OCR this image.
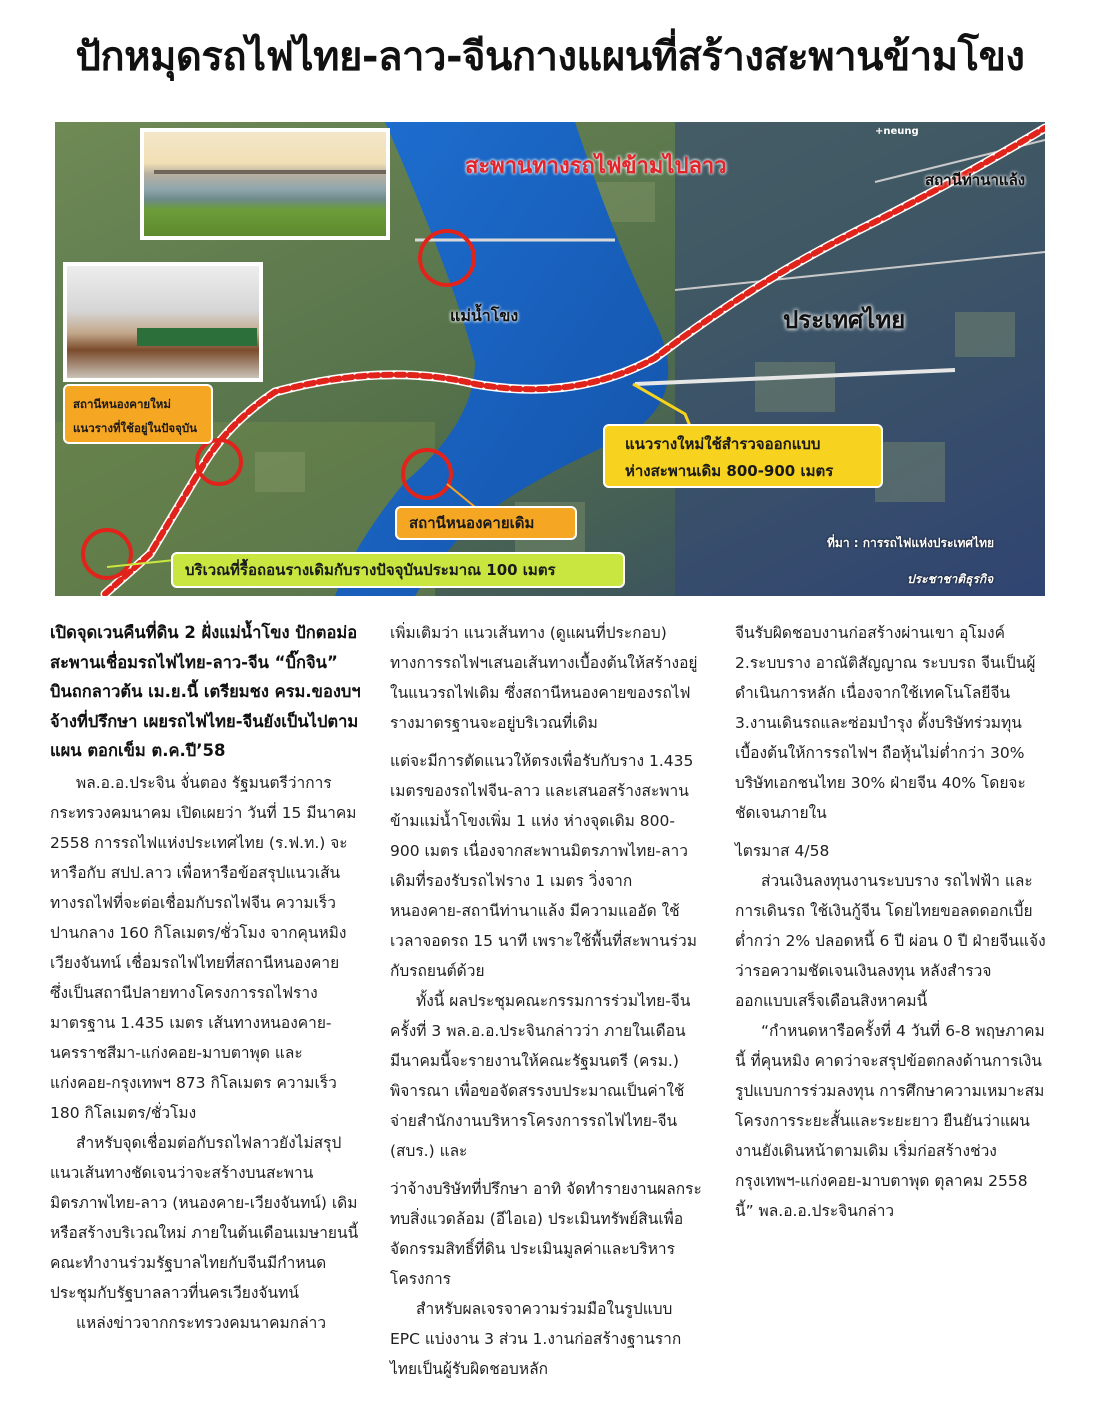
ปักหมุดรถไฟไทย-ลาว-จีนกางแผนที่สร้างสะพานข้ามโขง
สะพานทางรถไฟข้ามไปลาว
สถานีท่านาแล้ง
+neung
แม่น้ำโขง	ประเทศไทย
สถานีหนองคายใหม่
แนวรางที่ใช้อยู่ในปัจจุบัน
แนวรางใหม่ใช้สำรวจออกแบบ
ห่างสะพานเดิม 800-900 เมตร
สถานีหนองคายเดิม
บริเวณที่รื้อถอนรางเดิมกับรางปัจจุบันประมาณ 100 เมตร
ที่มา : การรถไฟแห่งประเทศไทย
ประชาชาติธุรกิจ

เปิดจุดเวนคืนที่ดิน 2 ฝั่งแม่น้ำโขง ปักตอม่อสะพานเชื่อมรถไฟไทย-ลาว-จีน “บิ๊กจิน” บินถกลาวต้น เม.ย.นี้ เตรียมชง ครม.ของบฯจ้างที่ปรึกษา เผยรถไฟไทย-จีนยังเป็นไปตามแผน ตอกเข็ม ต.ค.ปี’58

พล.อ.อ.ประจิน จั่นตอง รัฐมนตรีว่าการกระทรวงคมนาคม เปิดเผยว่า วันที่ 15 มีนาคม 2558 การรถไฟแห่งประเทศไทย (ร.ฟ.ท.) จะหารือกับ สปป.ลาว เพื่อหารือข้อสรุปแนวเส้นทางรถไฟที่จะต่อเชื่อมกับรถไฟจีน ความเร็วปานกลาง 160 กิโลเมตร/ชั่วโมง จากคุนหมิง เวียงจันทน์ เชื่อมรถไฟไทยที่สถานีหนองคาย ซึ่งเป็นสถานีปลายทางโครงการรถไฟรางมาตรฐาน 1.435 เมตร เส้นทางหนองคาย-นครราชสีมา-แก่งคอย-มาบตาพุด และแก่งคอย-กรุงเทพฯ 873 กิโลเมตร ความเร็ว 180 กิโลเมตร/ชั่วโมง

สำหรับจุดเชื่อมต่อกับรถไฟลาวยังไม่สรุปแนวเส้นทางชัดเจนว่าจะสร้างบนสะพานมิตรภาพไทย-ลาว (หนองคาย-เวียงจันทน์) เดิม หรือสร้างบริเวณใหม่ ภายในต้นเดือนเมษายนนี้ คณะทำงานร่วมรัฐบาลไทยกับจีนมีกำหนดประชุมกับรัฐบาลลาวที่นครเวียงจันทน์

แหล่งข่าวจากกระทรวงคมนาคมกล่าว

เพิ่มเติมว่า แนวเส้นทาง (ดูแผนที่ประกอบ) ทางการรถไฟฯเสนอเส้นทางเบื้องต้นให้สร้างอยู่ในแนวรถไฟเดิม ซึ่งสถานีหนองคายของรถไฟรางมาตรฐานจะอยู่บริเวณที่เดิม

แต่จะมีการตัดแนวให้ตรงเพื่อรับกับราง 1.435 เมตรของรถไฟจีน-ลาว และเสนอสร้างสะพานข้ามแม่น้ำโขงเพิ่ม 1 แห่ง ห่างจุดเดิม 800-900 เมตร เนื่องจากสะพานมิตรภาพไทย-ลาวเดิมที่รองรับรถไฟราง 1 เมตร วิ่งจากหนองคาย-สถานีท่านาแล้ง มีความแออัด ใช้เวลาจอดรถ 15 นาที เพราะใช้พื้นที่สะพานร่วมกับรถยนต์ด้วย

ทั้งนี้ ผลประชุมคณะกรรมการร่วมไทย-จีนครั้งที่ 3 พล.อ.อ.ประจินกล่าวว่า ภายในเดือนมีนาคมนี้จะรายงานให้คณะรัฐมนตรี (ครม.) พิจารณา เพื่อขอจัดสรรงบประมาณเป็นค่าใช้จ่ายสำนักงานบริหารโครงการรถไฟไทย-จีน (สบร.) และ

ว่าจ้างบริษัทที่ปรึกษา อาทิ จัดทำรายงานผลกระทบสิ่งแวดล้อม (อีไอเอ) ประเมินทรัพย์สินเพื่อจัดกรรมสิทธิ์ที่ดิน ประเมินมูลค่าและบริหารโครงการ

สำหรับผลเจรจาความร่วมมือในรูปแบบ EPC แบ่งงาน 3 ส่วน 1.งานก่อสร้างฐานราก ไทยเป็นผู้รับผิดชอบหลัก

จีนรับผิดชอบงานก่อสร้างผ่านเขา อุโมงค์ 2.ระบบราง อาณัติสัญญาณ ระบบรถ จีนเป็นผู้ดำเนินการหลัก เนื่องจากใช้เทคโนโลยีจีน 3.งานเดินรถและซ่อมบำรุง ตั้งบริษัทร่วมทุน เบื้องต้นให้การรถไฟฯ ถือหุ้นไม่ต่ำกว่า 30% บริษัทเอกชนไทย 30% ฝ่ายจีน 40% โดยจะชัดเจนภายใน

ไตรมาส 4/58

ส่วนเงินลงทุนงานระบบราง รถไฟฟ้า และการเดินรถ ใช้เงินกู้จีน โดยไทยขอลดดอกเบี้ยต่ำกว่า 2% ปลอดหนี้ 6 ปี ผ่อน 0 ปี ฝ่ายจีนแจ้งว่ารอความชัดเจนเงินลงทุน หลังสำรวจออกแบบเสร็จเดือนสิงหาคมนี้

“กำหนดหารือครั้งที่ 4 วันที่ 6-8 พฤษภาคมนี้ ที่คุนหมิง คาดว่าจะสรุปข้อตกลงด้านการเงิน รูปแบบการร่วมลงทุน การศึกษาความเหมาะสมโครงการระยะสั้นและระยะยาว ยืนยันว่าแผนงานยังเดินหน้าตามเดิม เริ่มก่อสร้างช่วงกรุงเทพฯ-แก่งคอย-มาบตาพุด ตุลาคม 2558 นี้” พล.อ.อ.ประจินกล่าว
